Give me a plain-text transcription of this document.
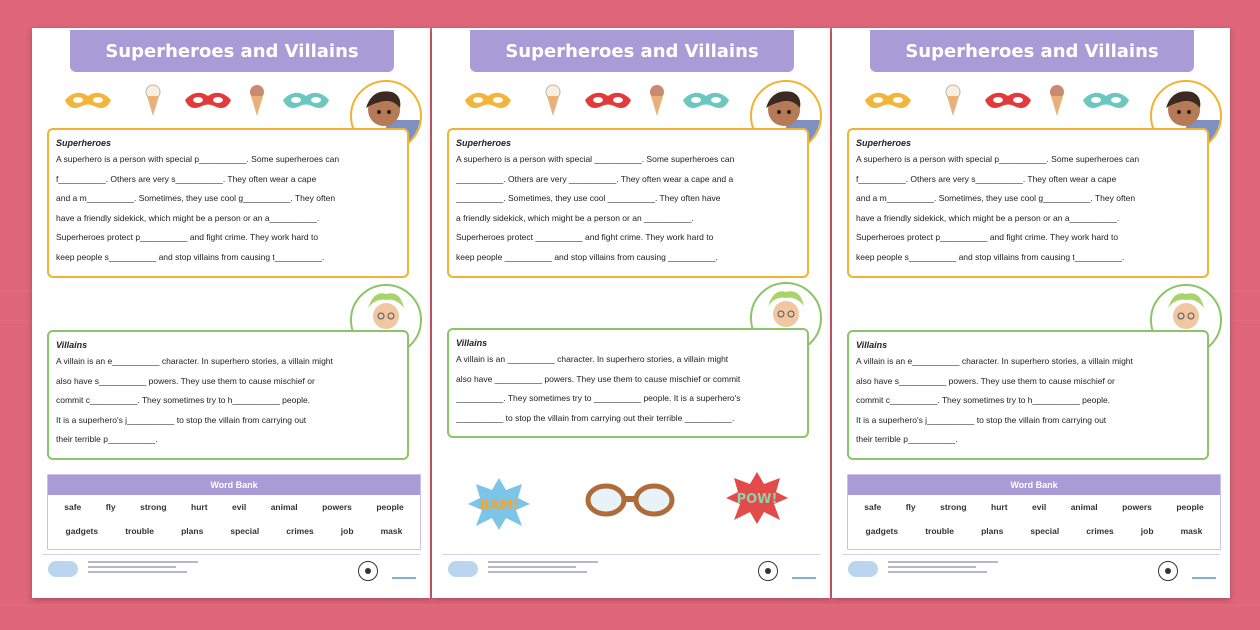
Superheroes and Villains
Superheroes
A superhero is a person with special p__________. Some superheroes can
f__________. Others are very s__________. They often wear a cape
and a m__________. Sometimes, they use cool g__________. They often
have a friendly sidekick, which might be a person or an a__________.
Superheroes protect p__________ and fight crime. They work hard to
keep people s__________ and stop villains from causing t__________.
Villains
A villain is an e__________ character. In superhero stories, a villain might
also have s__________ powers. They use them to cause mischief or
commit c__________. They sometimes try to h__________ people.
It is a superhero's j__________ to stop the villain from carrying out
their terrible p__________.
Word Bank
safe	fly	strong	hurt	evil	animal	powers	people
gadgets	trouble	plans	special	crimes	job	mask
Superheroes and Villains
Superheroes
A superhero is a person with special __________. Some superheroes can
__________. Others are very __________. They often wear a cape and a
__________. Sometimes, they use cool __________. They often have
a friendly sidekick, which might be a person or an __________.
Superheroes protect __________ and fight crime. They work hard to
keep people __________ and stop villains from causing __________.
Villains
A villain is an __________ character. In superhero stories, a villain might
also have __________ powers. They use them to cause mischief or commit
__________. They sometimes try to __________ people. It is a superhero's
__________ to stop the villain from carrying out their terrible __________.
BAM!	POW!
Superheroes and Villains
Superheroes
A superhero is a person with special p__________. Some superheroes can
f__________. Others are very s__________. They often wear a cape
and a m__________. Sometimes, they use cool g__________. They often
have a friendly sidekick, which might be a person or an a__________.
Superheroes protect p__________ and fight crime. They work hard to
keep people s__________ and stop villains from causing t__________.
Villains
A villain is an e__________ character. In superhero stories, a villain might
also have s__________ powers. They use them to cause mischief or
commit c__________. They sometimes try to h__________ people.
It is a superhero's j__________ to stop the villain from carrying out
their terrible p__________.
Word Bank
safe	fly	strong	hurt	evil	animal	powers	people
gadgets	trouble	plans	special	crimes	job	mask
